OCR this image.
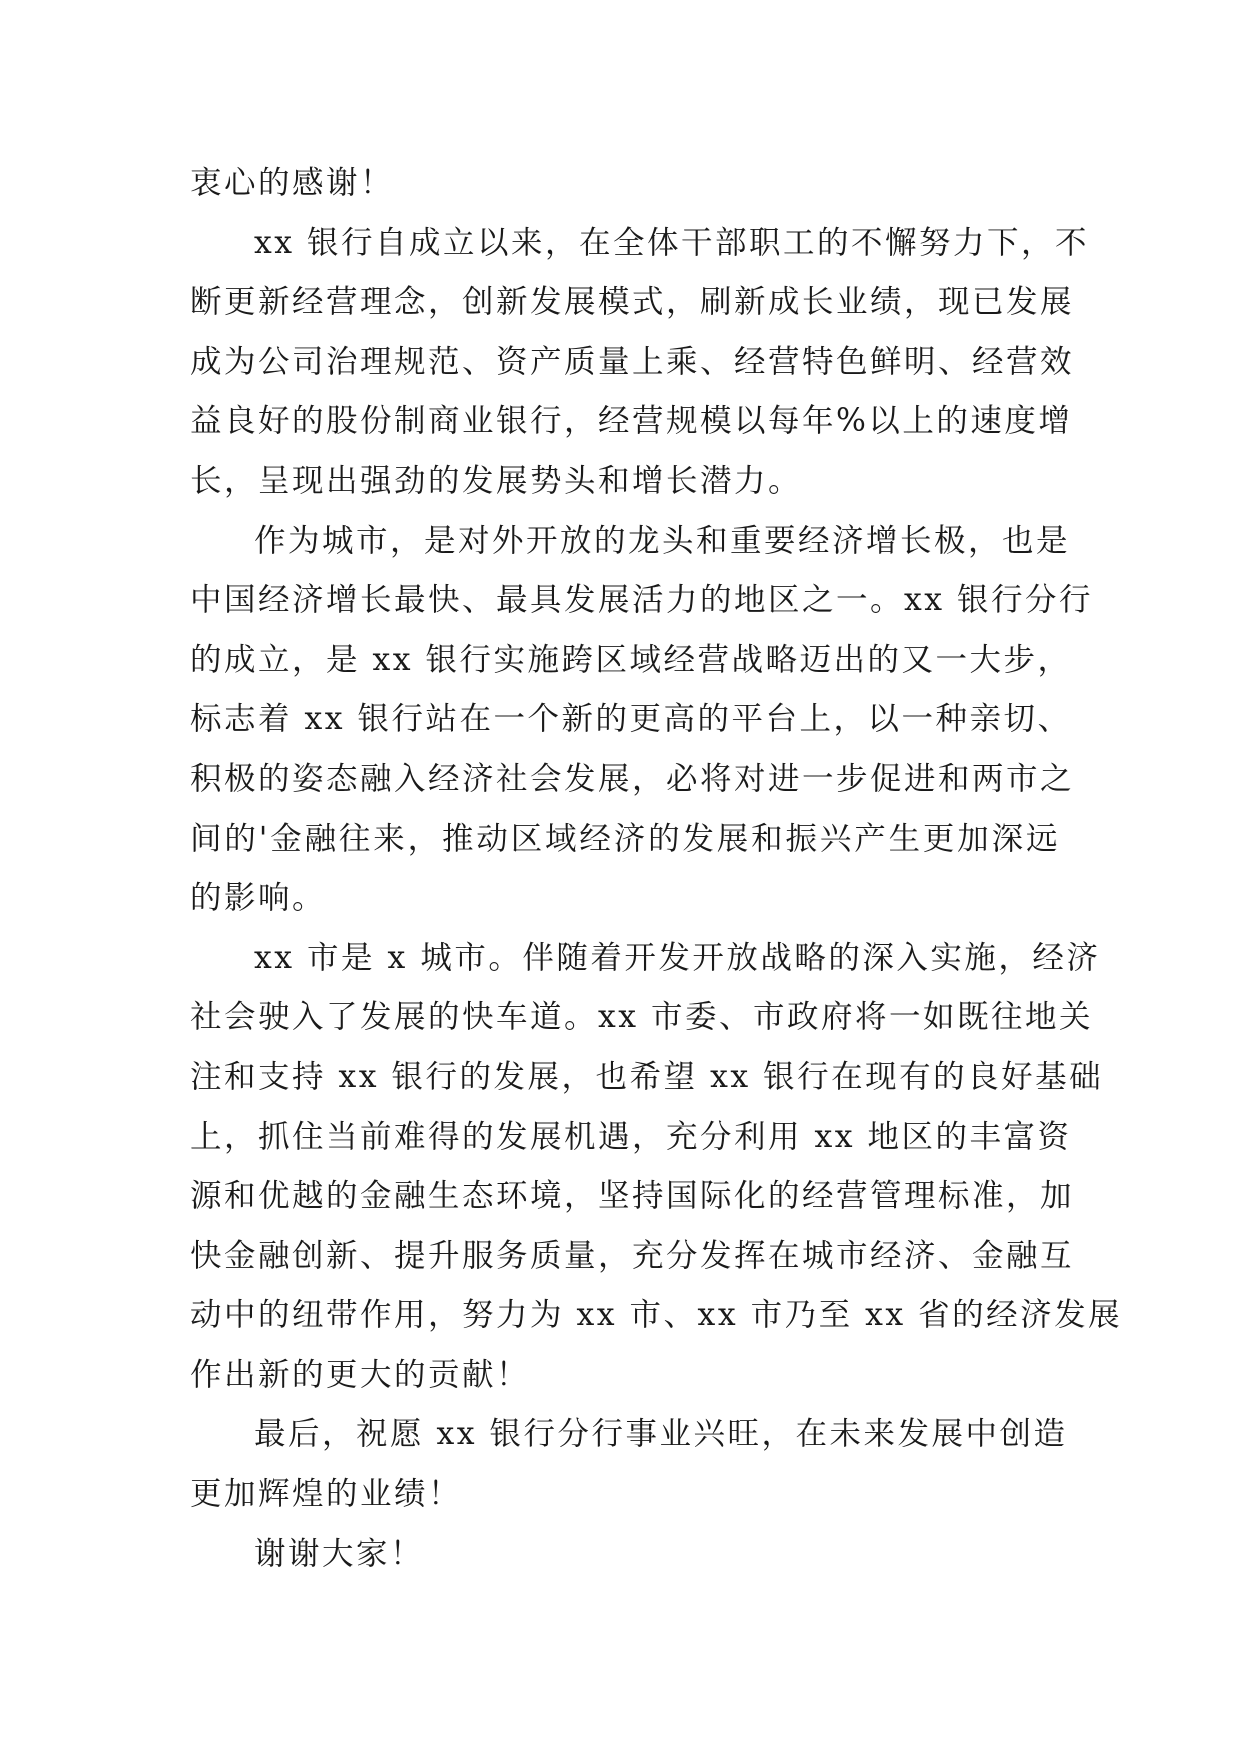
衷心的感谢！
xx 银行自成立以来，在全体干部职工的不懈努力下，不
断更新经营理念，创新发展模式，刷新成长业绩，现已发展
成为公司治理规范、资产质量上乘、经营特色鲜明、经营效
益良好的股份制商业银行，经营规模以每年%以上的速度增
长，呈现出强劲的发展势头和增长潜力。
作为城市，是对外开放的龙头和重要经济增长极，也是
中国经济增长最快、最具发展活力的地区之一。xx 银行分行
的成立，是 xx 银行实施跨区域经营战略迈出的又一大步，
标志着 xx 银行站在一个新的更高的平台上，以一种亲切、
积极的姿态融入经济社会发展，必将对进一步促进和两市之
间的'金融往来，推动区域经济的发展和振兴产生更加深远
的影响。
xx 市是 x 城市。伴随着开发开放战略的深入实施，经济
社会驶入了发展的快车道。xx 市委、市政府将一如既往地关
注和支持 xx 银行的发展，也希望 xx 银行在现有的良好基础
上，抓住当前难得的发展机遇，充分利用 xx 地区的丰富资
源和优越的金融生态环境，坚持国际化的经营管理标准，加
快金融创新、提升服务质量，充分发挥在城市经济、金融互
动中的纽带作用，努力为 xx 市、xx 市乃至 xx 省的经济发展
作出新的更大的贡献！
最后，祝愿 xx 银行分行事业兴旺，在未来发展中创造
更加辉煌的业绩！
谢谢大家！
